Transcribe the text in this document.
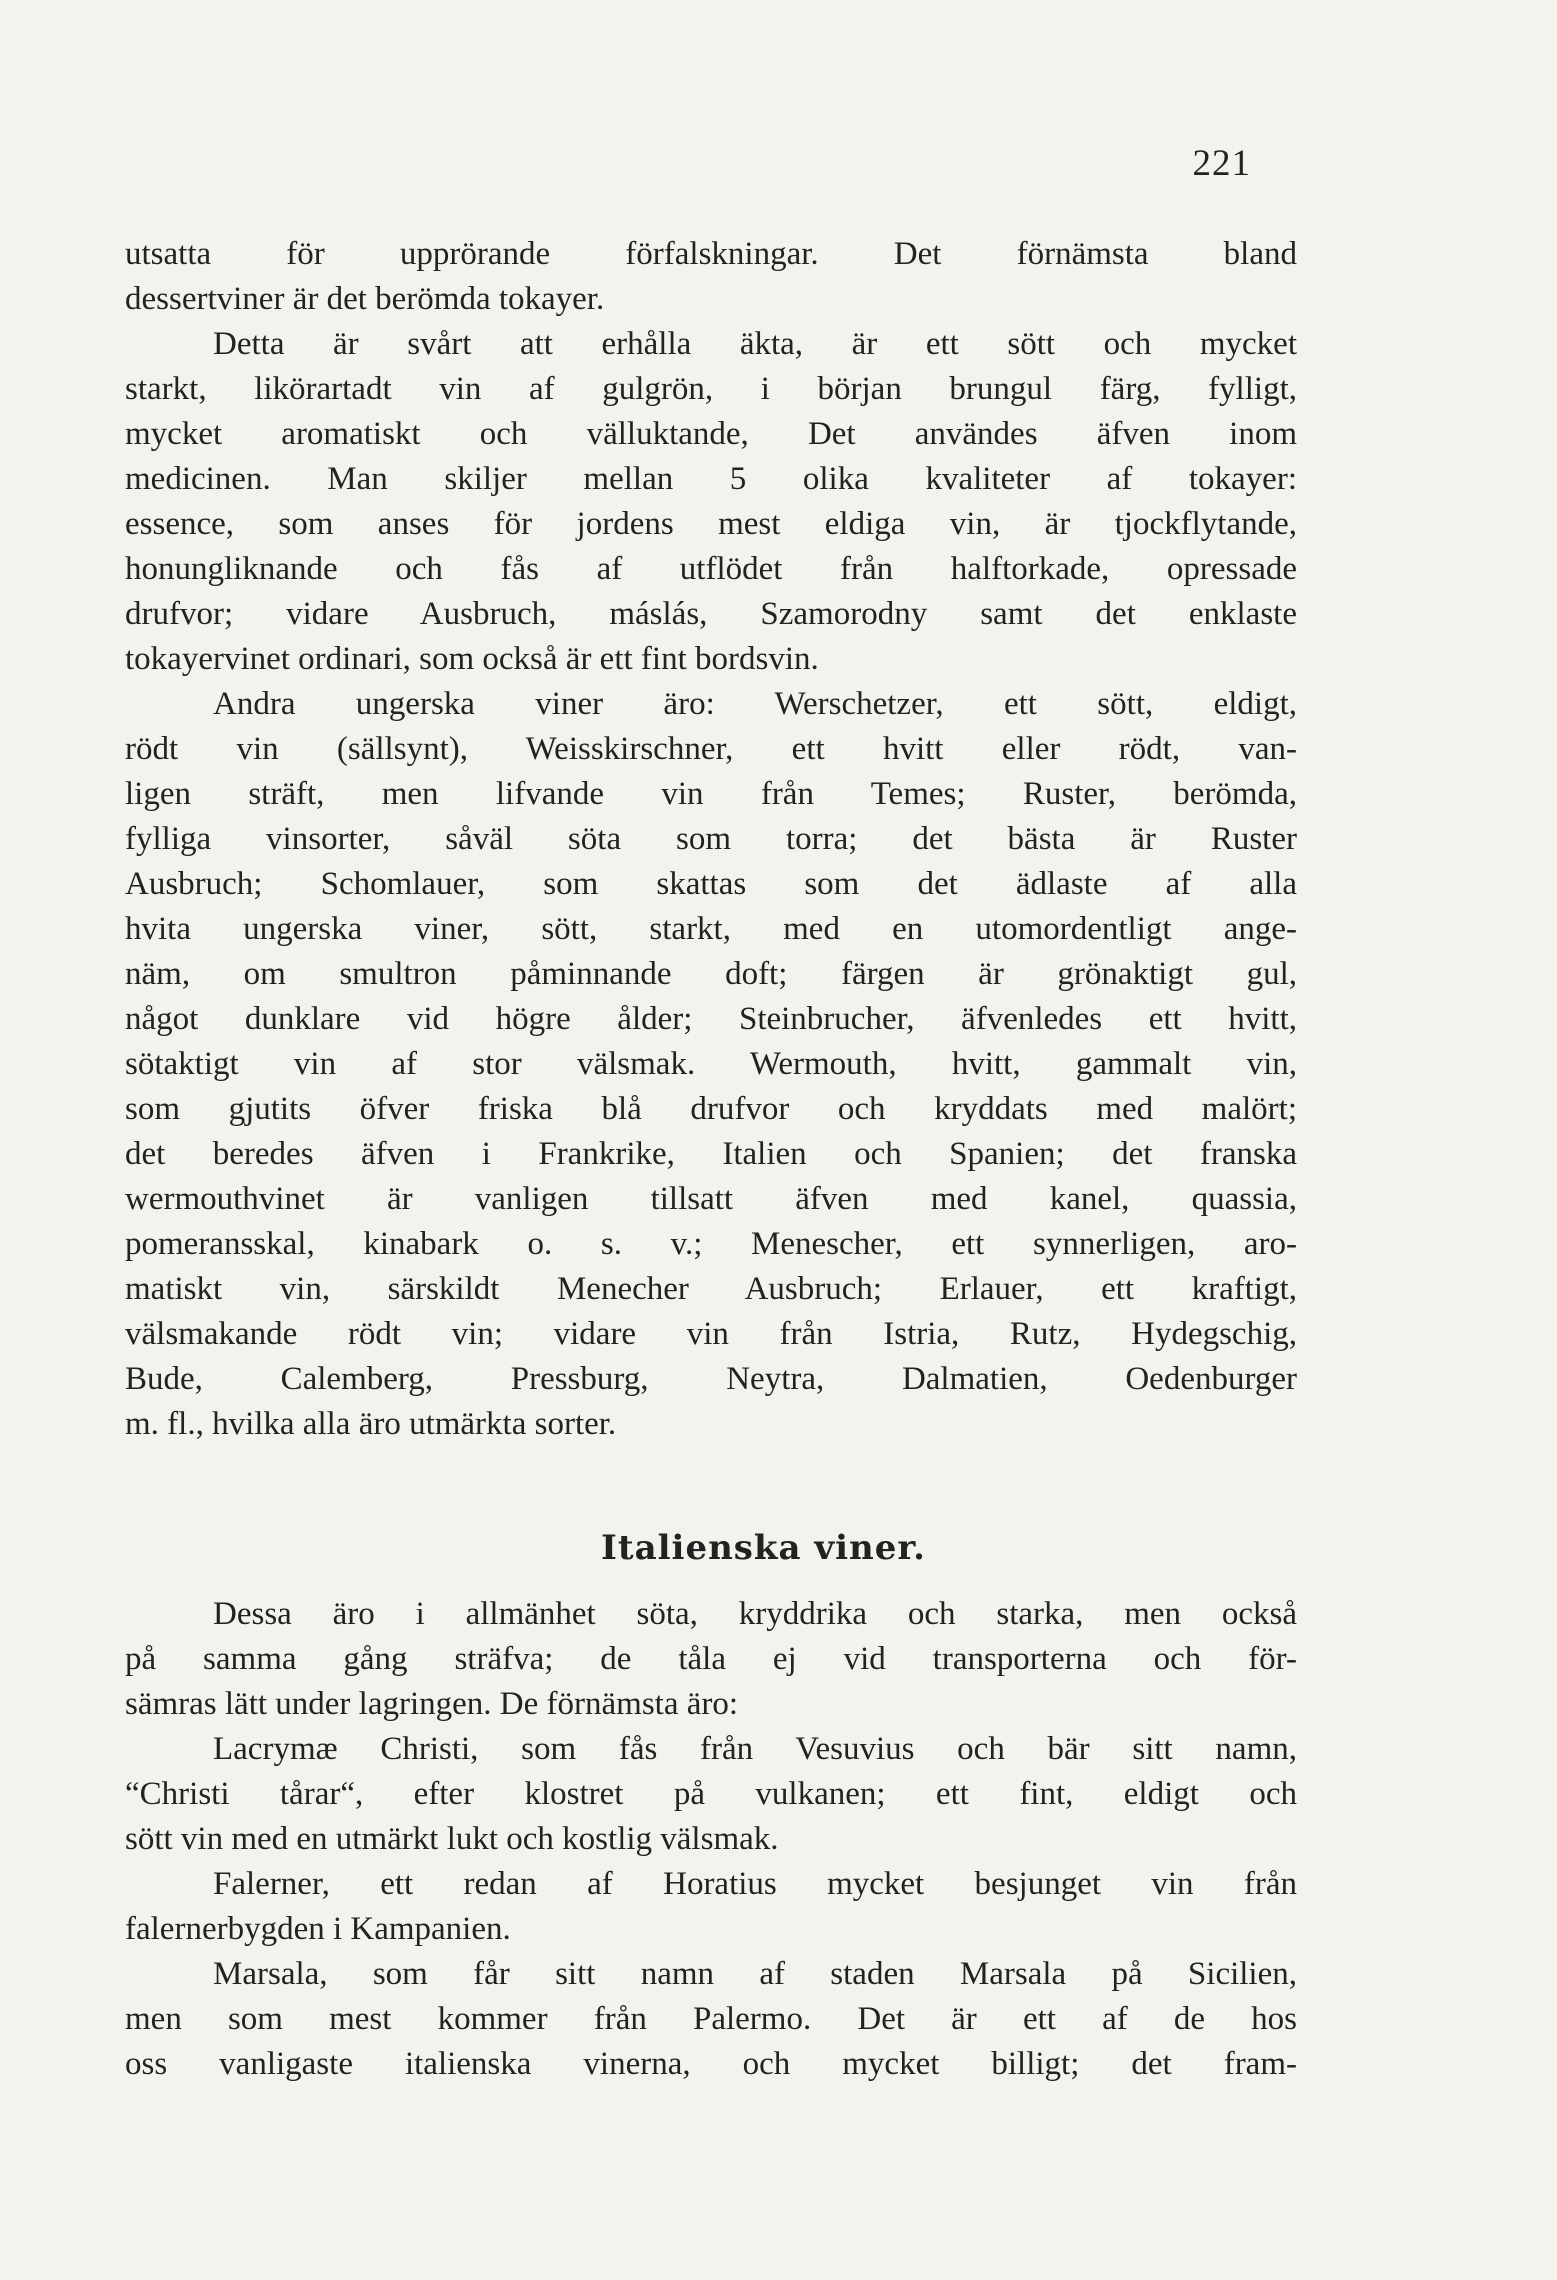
221

utsatta för upprörande förfalskningar. Det förnämsta bland
dessertviner är det berömda tokayer.

Detta är svårt att erhålla äkta, är ett sött och mycket
starkt, likörartadt vin af gulgrön, i början brungul färg, fylligt,
mycket aromatiskt och välluktande, Det användes äfven inom
medicinen. Man skiljer mellan 5 olika kvaliteter af tokayer:
essence, som anses för jordens mest eldiga vin, är tjockflytande,
honungliknande och fås af utflödet från halftorkade, opressade
drufvor; vidare Ausbruch, máslás, Szamorodny samt det enklaste
tokayervinet ordinari, som också är ett fint bordsvin.

Andra ungerska viner äro: Werschetzer, ett sött, eldigt,
rödt vin (sällsynt), Weisskirschner, ett hvitt eller rödt, van-
ligen sträft, men lifvande vin från Temes; Ruster, berömda,
fylliga vinsorter, såväl söta som torra; det bästa är Ruster
Ausbruch; Schomlauer, som skattas som det ädlaste af alla
hvita ungerska viner, sött, starkt, med en utomordentligt ange-
näm, om smultron påminnande doft; färgen är grönaktigt gul,
något dunklare vid högre ålder; Steinbrucher, äfvenledes ett hvitt,
sötaktigt vin af stor välsmak. Wermouth, hvitt, gammalt vin,
som gjutits öfver friska blå drufvor och kryddats med malört;
det beredes äfven i Frankrike, Italien och Spanien; det franska
wermouthvinet är vanligen tillsatt äfven med kanel, quassia,
pomeransskal, kinabark o. s. v.; Menescher, ett synnerligen, aro-
matiskt vin, särskildt Menecher Ausbruch; Erlauer, ett kraftigt,
välsmakande rödt vin; vidare vin från Istria, Rutz, Hydegschig,
Bude, Calemberg, Pressburg, Neytra, Dalmatien, Oedenburger
m. fl., hvilka alla äro utmärkta sorter.

Italienska viner.

Dessa äro i allmänhet söta, kryddrika och starka, men också
på samma gång sträfva; de tåla ej vid transporterna och för-
sämras lätt under lagringen. De förnämsta äro:

Lacrymæ Christi, som fås från Vesuvius och bär sitt namn,
“Christi tårar“, efter klostret på vulkanen; ett fint, eldigt och
sött vin med en utmärkt lukt och kostlig välsmak.

Falerner, ett redan af Horatius mycket besjunget vin från
falernerbygden i Kampanien.

Marsala, som får sitt namn af staden Marsala på Sicilien,
men som mest kommer från Palermo. Det är ett af de hos
oss vanligaste italienska vinerna, och mycket billigt; det fram-
